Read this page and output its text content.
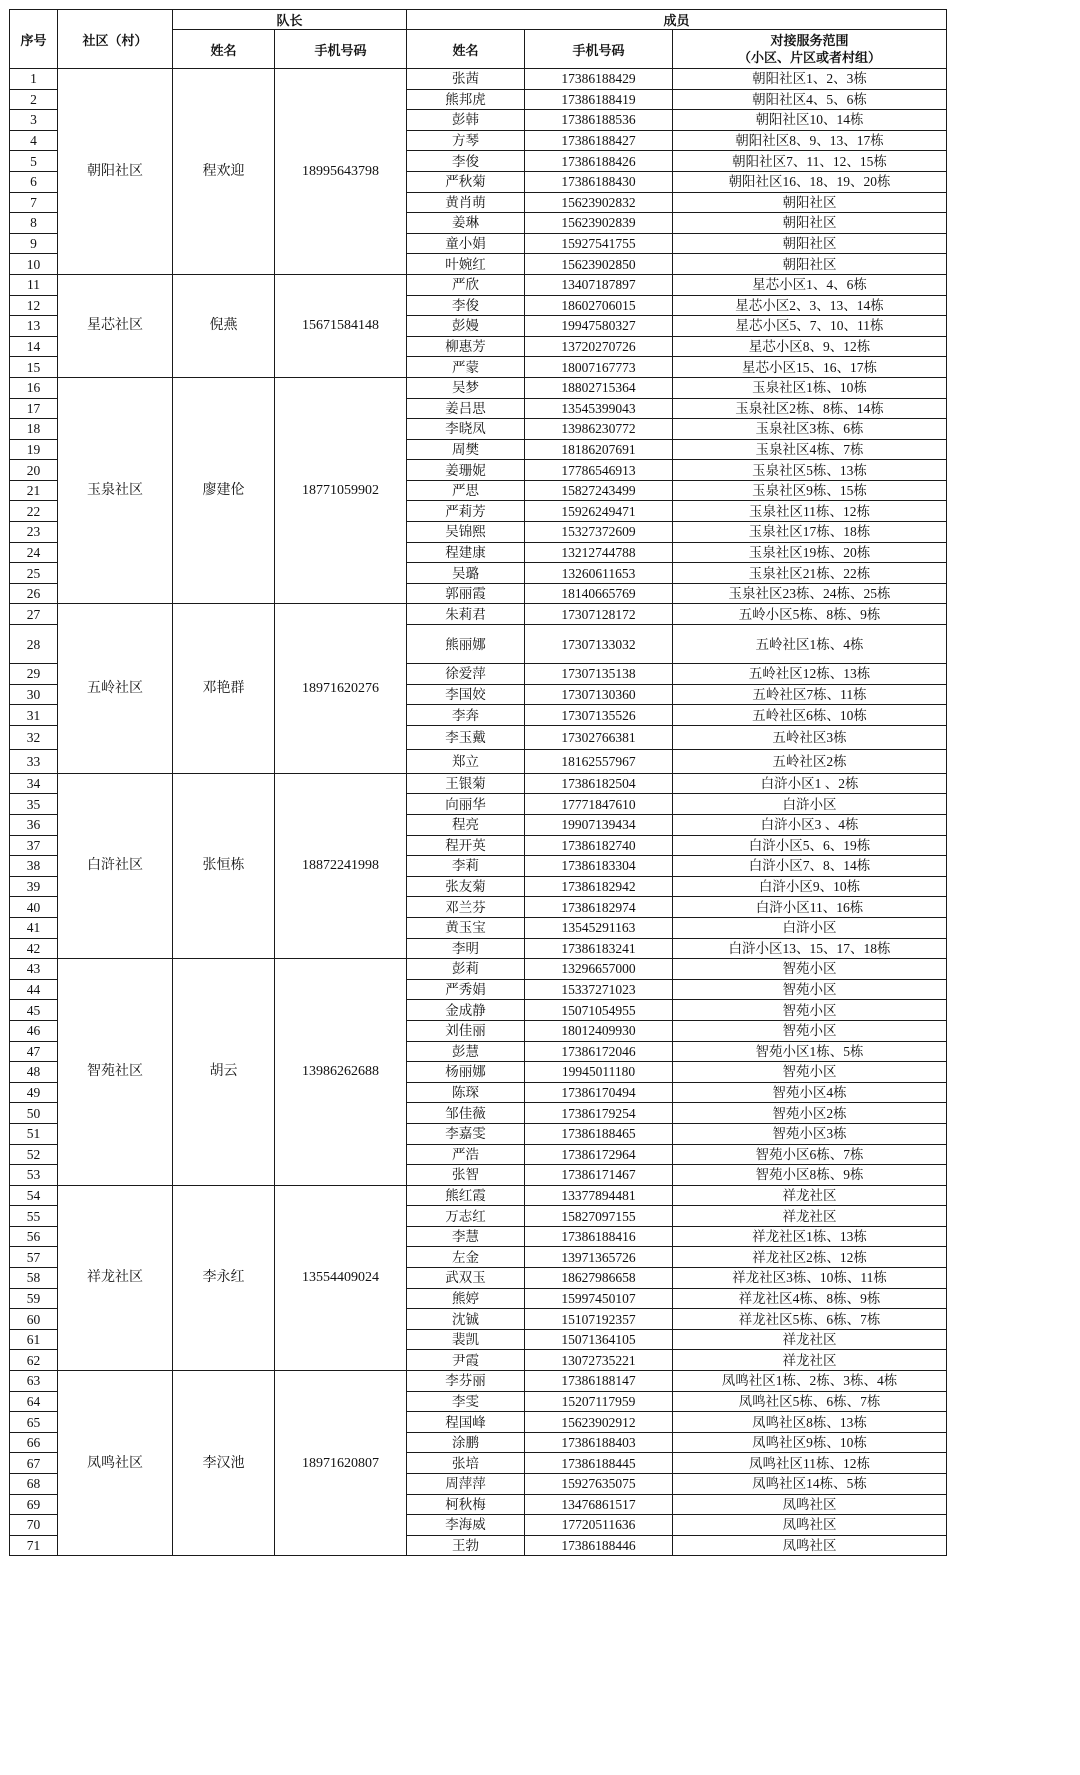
序号	社区（村）	队长		成员		
		姓名	手机号码	姓名	手机号码	对接服务范围
（小区、片区或者村组）

1	朝阳社区	程欢迎	18995643798	张茜	17386188429	朝阳社区1、2、3栋
2				熊邦虎	17386188419	朝阳社区4、5、6栋
3				彭韩	17386188536	朝阳社区10、14栋
4				方琴	17386188427	朝阳社区8、9、13、17栋
5				李俊	17386188426	朝阳社区7、11、12、15栋
6				严秋菊	17386188430	朝阳社区16、18、19、20栋
7				黄肖萌	15623902832	朝阳社区
8				姜琳	15623902839	朝阳社区
9				童小娟	15927541755	朝阳社区
10				叶婉红	15623902850	朝阳社区
11	星芯社区	倪燕	15671584148	严欣	13407187897	星芯小区1、4、6栋
12				李俊	18602706015	星芯小区2、3、13、14栋
13				彭嫚	19947580327	星芯小区5、7、10、11栋
14				柳惠芳	13720270726	星芯小区8、9、12栋
15				严蒙	18007167773	星芯小区15、16、17栋
16	玉泉社区	廖建伦	18771059902	吴梦	18802715364	玉泉社区1栋、10栋
17				姜吕思	13545399043	玉泉社区2栋、8栋、14栋
18				李晓凤	13986230772	玉泉社区3栋、6栋
19				周樊	18186207691	玉泉社区4栋、7栋
20				姜珊妮	17786546913	玉泉社区5栋、13栋
21				严思	15827243499	玉泉社区9栋、15栋
22				严莉芳	15926249471	玉泉社区11栋、12栋
23				吴锦熙	15327372609	玉泉社区17栋、18栋
24				程建康	13212744788	玉泉社区19栋、20栋
25				吴璐	13260611653	玉泉社区21栋、22栋
26				郭丽霞	18140665769	玉泉社区23栋、24栋、25栋
27	五岭社区	邓艳群	18971620276	朱莉君	17307128172	五岭小区5栋、8栋、9栋
28				熊丽娜	17307133032	五岭社区1栋、4栋
29				徐爱萍	17307135138	五岭社区12栋、13栋
30				李国姣	17307130360	五岭社区7栋、11栋
31				李奔	17307135526	五岭社区6栋、10栋
32				李玉戴	17302766381	五岭社区3栋
33				郑立	18162557967	五岭社区2栋
34	白浒社区	张恒栋	18872241998	王银菊	17386182504	白浒小区1 、2栋
35				向丽华	17771847610	白浒小区
36				程亮	19907139434	白浒小区3 、4栋
37				程开英	17386182740	白浒小区5、6、19栋
38				李莉	17386183304	白浒小区7、8、14栋
39				张友菊	17386182942	白浒小区9、10栋
40				邓兰芬	17386182974	白浒小区11、16栋
41				黄玉宝	13545291163	白浒小区
42				李明	17386183241	白浒小区13、15、17、18栋
43	智苑社区	胡云	13986262688	彭莉	13296657000	智苑小区
44				严秀娟	15337271023	智苑小区
45				金成静	15071054955	智苑小区
46				刘佳丽	18012409930	智苑小区
47				彭慧	17386172046	智苑小区1栋、5栋
48				杨丽娜	19945011180	智苑小区
49				陈琛	17386170494	智苑小区4栋
50				邹佳薇	17386179254	智苑小区2栋
51				李嘉雯	17386188465	智苑小区3栋
52				严浩	17386172964	智苑小区6栋、7栋
53				张智	17386171467	智苑小区8栋、9栋
54	祥龙社区	李永红	13554409024	熊红霞	13377894481	祥龙社区
55				万志红	15827097155	祥龙社区
56				李慧	17386188416	祥龙社区1栋、13栋
57				左金	13971365726	祥龙社区2栋、12栋
58				武双玉	18627986658	祥龙社区3栋、10栋、11栋
59				熊婷	15997450107	祥龙社区4栋、8栋、9栋
60				沈铖	15107192357	祥龙社区5栋、6栋、7栋
61				裴凯	15071364105	祥龙社区
62				尹霞	13072735221	祥龙社区
63	凤鸣社区	李汉池	18971620807	李芬丽	17386188147	凤鸣社区1栋、2栋、3栋、4栋
64				李雯	15207117959	凤鸣社区5栋、6栋、7栋
65				程国峰	15623902912	凤鸣社区8栋、13栋
66				涂鹏	17386188403	凤鸣社区9栋、10栋
67				张培	17386188445	凤鸣社区11栋、12栋
68				周萍萍	15927635075	凤鸣社区14栋、5栋
69				柯秋梅	13476861517	凤鸣社区
70				李海威	17720511636	凤鸣社区
71				王勃	17386188446	凤鸣社区
